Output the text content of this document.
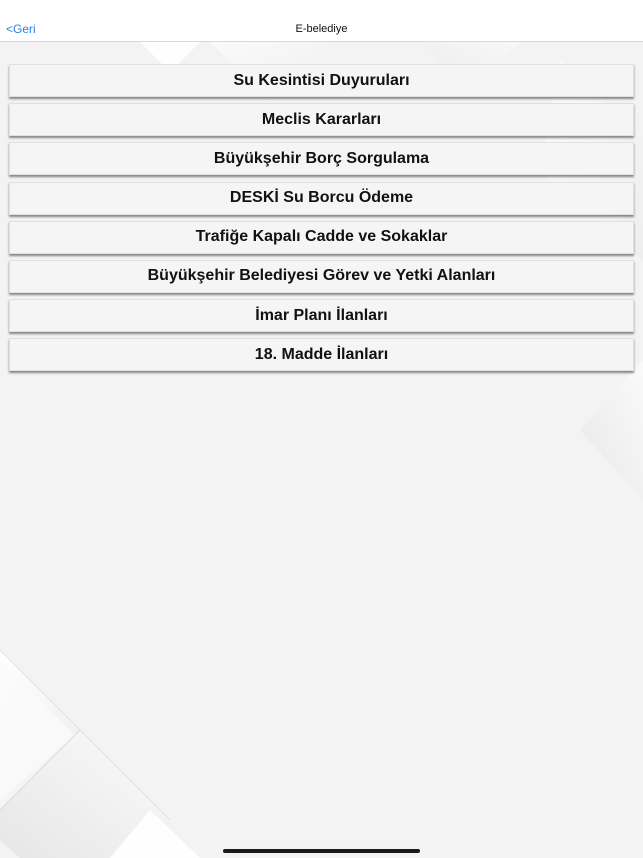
<Geri	E-belediye
Su Kesintisi Duyuruları
Meclis Kararları
Büyükşehir Borç Sorgulama
DESKİ Su Borcu Ödeme
Trafiğe Kapalı Cadde ve Sokaklar
Büyükşehir Belediyesi Görev ve Yetki Alanları
İmar Planı İlanları
18. Madde İlanları
